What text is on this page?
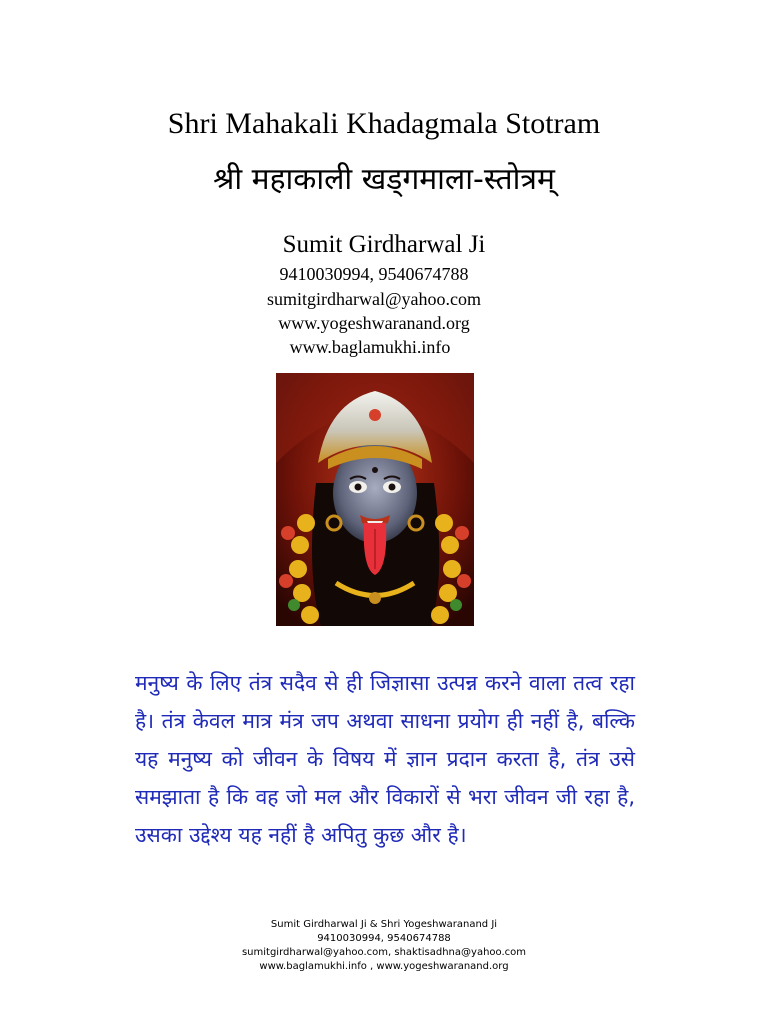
Shri Mahakali Khadagmala Stotram
श्री महाकाली खड्गमाला-स्तोत्रम्
Sumit Girdharwal Ji
9410030994, 9540674788
sumitgirdharwal@yahoo.com
www.yogeshwaranand.org
www.baglamukhi.info
मनुष्य के लिए तंत्र सदैव से ही जिज्ञासा उत्पन्न करने वाला तत्व रहा है। तंत्र केवल मात्र मंत्र जप अथवा साधना प्रयोग ही नहीं है, बल्कि यह मनुष्य को जीवन के विषय में ज्ञान प्रदान करता है, तंत्र उसे समझाता है कि वह जो मल और विकारों से भरा जीवन जी रहा है, उसका उद्देश्य यह नहीं है अपितु कुछ और है।
Sumit Girdharwal Ji & Shri Yogeshwaranand Ji
9410030994, 9540674788
sumitgirdharwal@yahoo.com, shaktisadhna@yahoo.com
www.baglamukhi.info , www.yogeshwaranand.org
